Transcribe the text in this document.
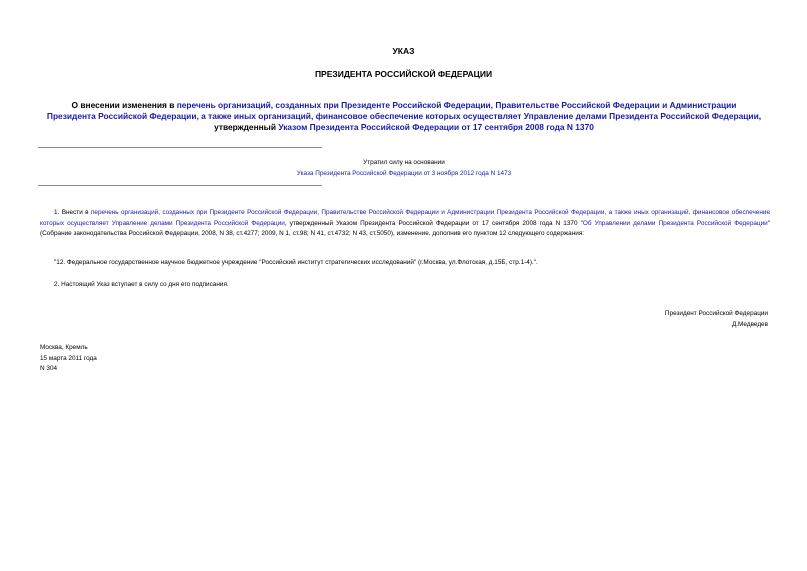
УКАЗ
ПРЕЗИДЕНТА РОССИЙСКОЙ ФЕДЕРАЦИИ
О внесении изменения в перечень организаций, созданных при Президенте Российской Федерации, Правительстве Российской Федерации и Администрации Президента Российской Федерации, а также иных организаций, финансовое обеспечение которых осуществляет Управление делами Президента Российской Федерации, утвержденный Указом Президента Российской Федерации от 17 сентября 2008 года N 1370
Утратил силу на основании
Указа Президента Российской Федерации от 3 ноября 2012 года N 1473
1. Внести в перечень организаций, созданных при Президенте Российской Федерации, Правительстве Российской Федерации и Администрации Президента Российской Федерации, а также иных организаций, финансовое обеспечение которых осуществляет Управление делами Президента Российской Федерации, утвержденный Указом Президента Российской Федерации от 17 сентября 2008 года N 1370 "Об Управлении делами Президента Российской Федерации" (Собрание законодательства Российской Федерации, 2008, N 38, ст.4277; 2009, N 1, ст.98; N 41, ст.4732; N 43, ст.5050), изменение, дополнив его пунктом 12 следующего содержания:
"12. Федеральное государственное научное бюджетное учреждение "Российский институт стратегических исследований" (г.Москва, ул.Флотская, д.15Б, стр.1-4).".
2. Настоящий Указ вступает в силу со дня его подписания.
Президент Российской Федерации
Д.Медведев
Москва, Кремль
15 марта 2011 года
N 304
